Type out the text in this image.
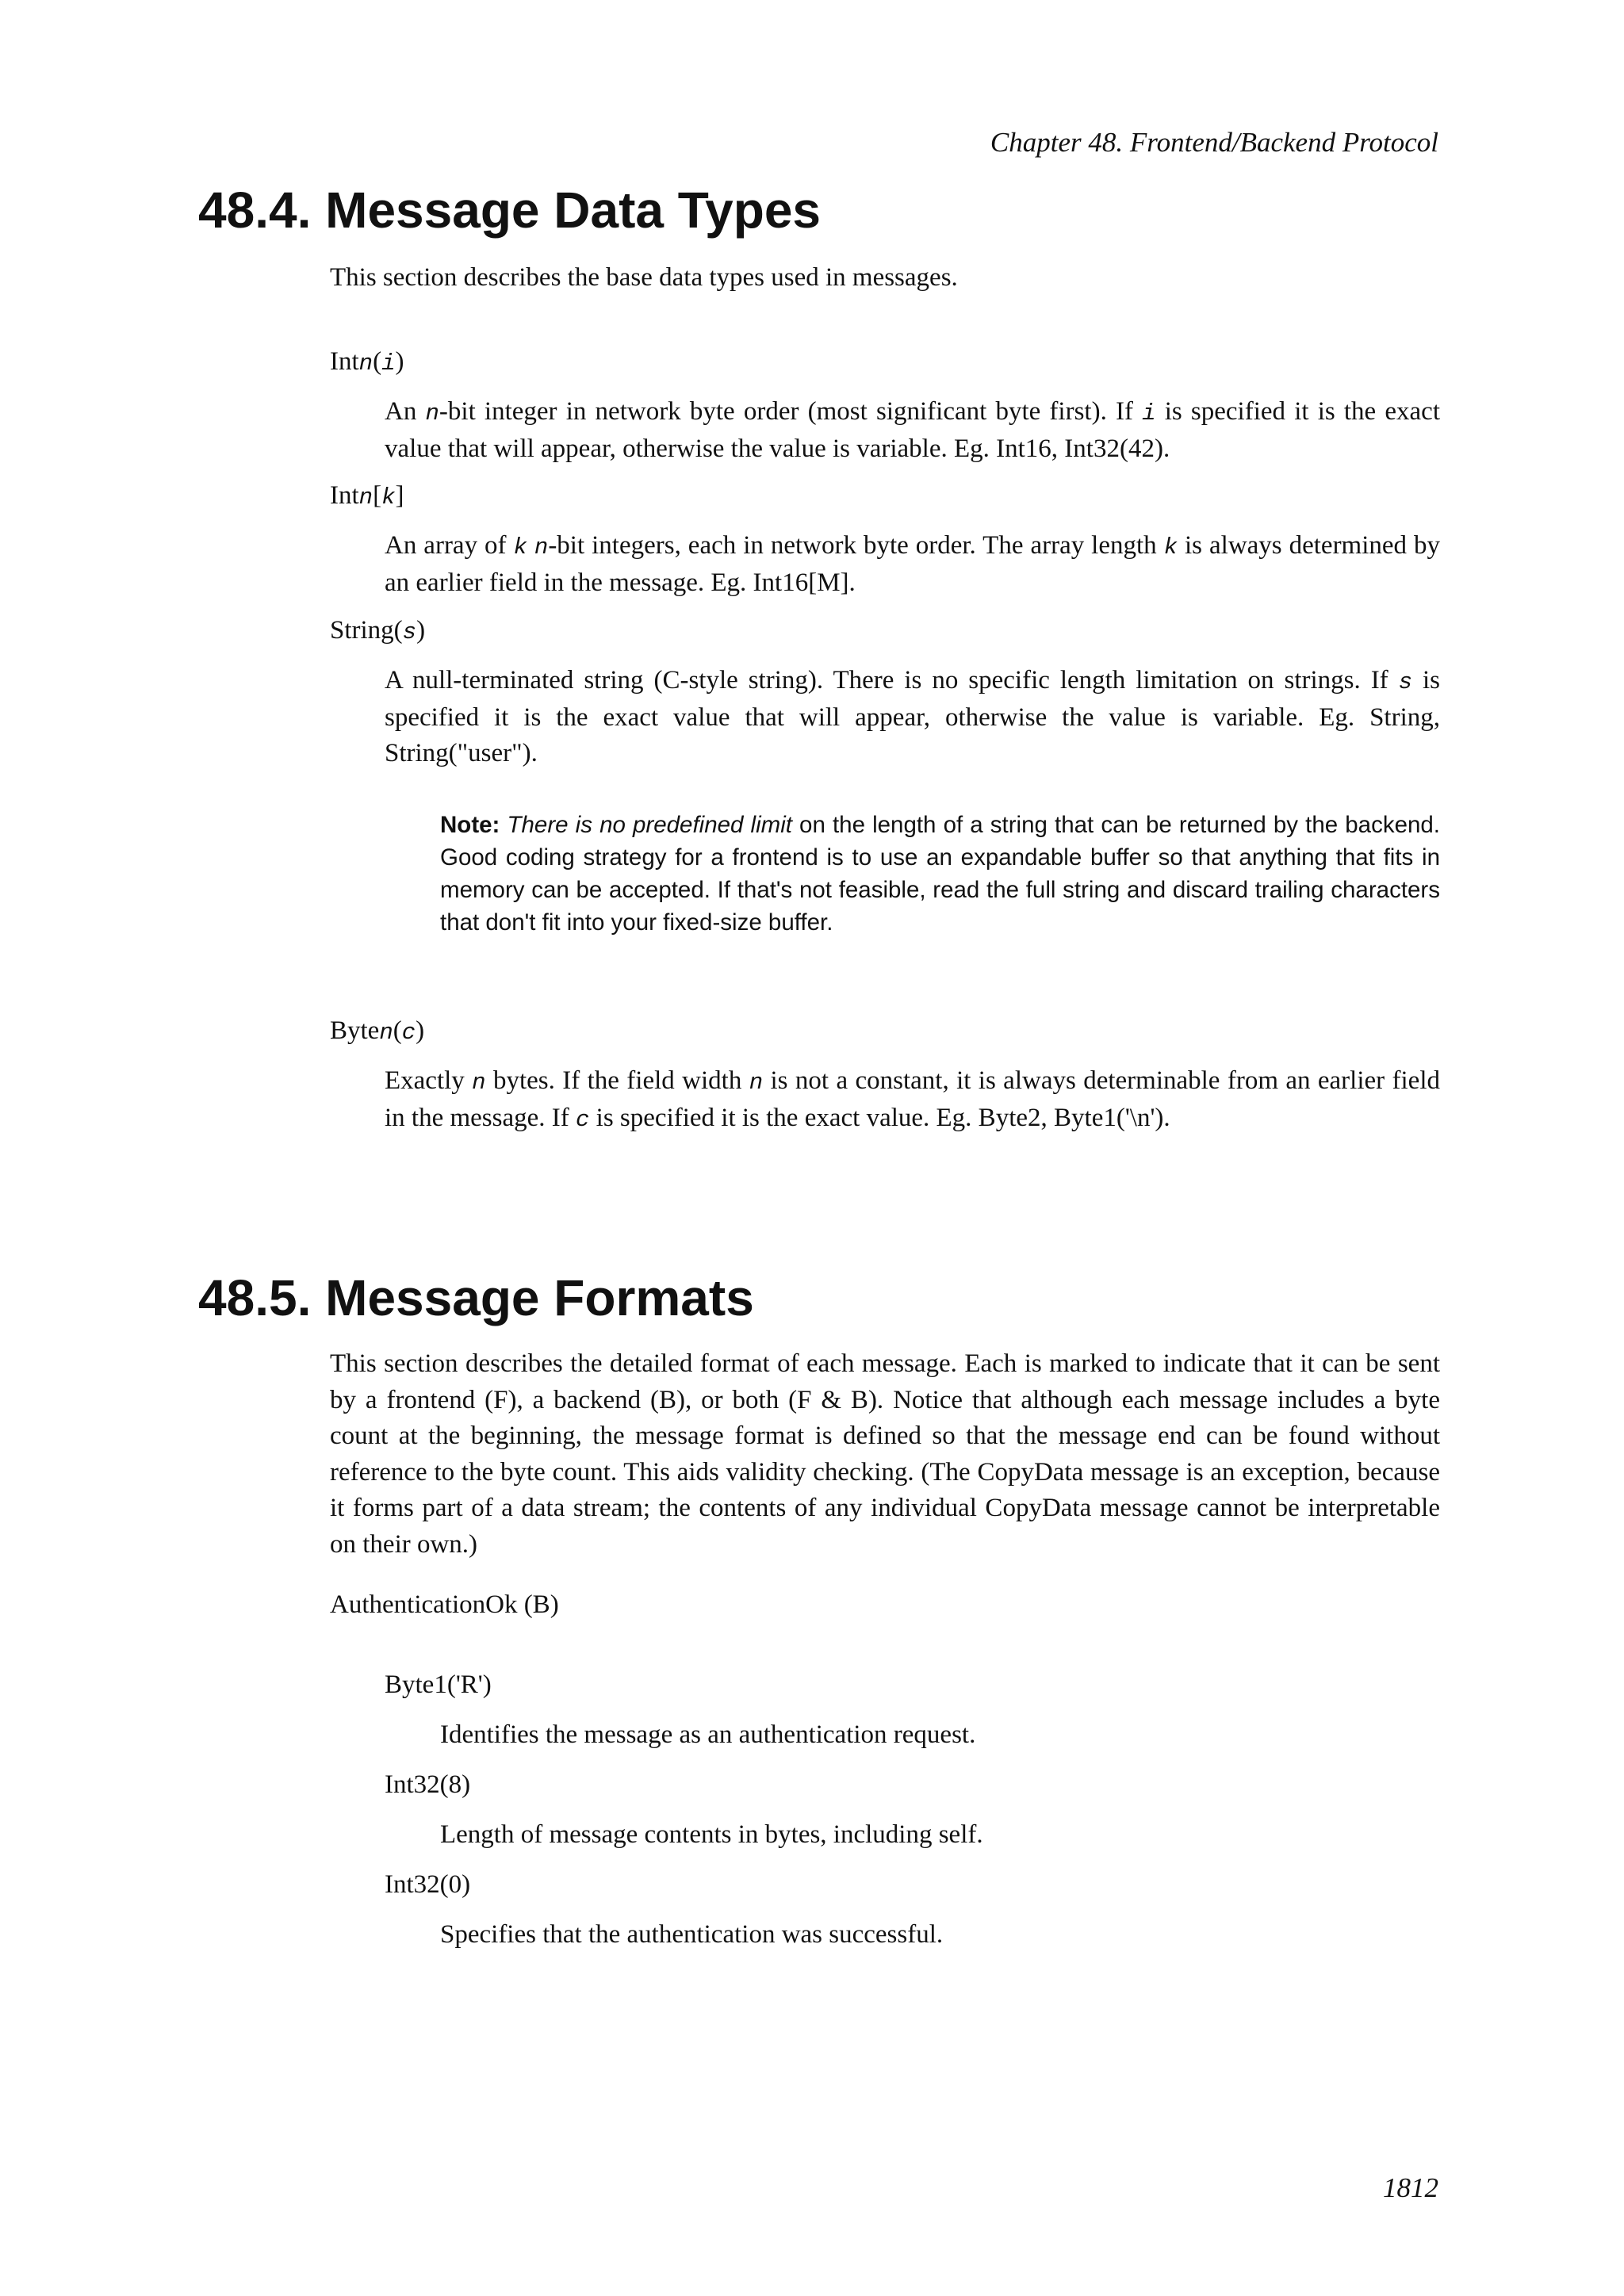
Chapter 48. Frontend/Backend Protocol
48.4. Message Data Types

This section describes the base data types used in messages.

Intn(i)

An n-bit integer in network byte order (most significant byte first). If i is specified it is the exact value that will appear, otherwise the value is variable. Eg. Int16, Int32(42).

Intn[k]

An array of k n-bit integers, each in network byte order. The array length k is always determined by an earlier field in the message. Eg. Int16[M].

String(s)

A null-terminated string (C-style string). There is no specific length limitation on strings. If s is specified it is the exact value that will appear, otherwise the value is variable. Eg. String, String("user").

Note: There is no predefined limit on the length of a string that can be returned by the backend. Good coding strategy for a frontend is to use an expandable buffer so that anything that fits in memory can be accepted. If that's not feasible, read the full string and discard trailing characters that don't fit into your fixed-size buffer.

Byten(c)

Exactly n bytes. If the field width n is not a constant, it is always determinable from an earlier field in the message. If c is specified it is the exact value. Eg. Byte2, Byte1('\n').

48.5. Message Formats

This section describes the detailed format of each message. Each is marked to indicate that it can be sent by a frontend (F), a backend (B), or both (F & B). Notice that although each message includes a byte count at the beginning, the message format is defined so that the message end can be found without reference to the byte count. This aids validity checking. (The CopyData message is an exception, because it forms part of a data stream; the contents of any individual CopyData message cannot be interpretable on their own.)

AuthenticationOk (B)
Byte1('R')
Identifies the message as an authentication request.
Int32(8)
Length of message contents in bytes, including self.
Int32(0)
Specifies that the authentication was successful.
1812
